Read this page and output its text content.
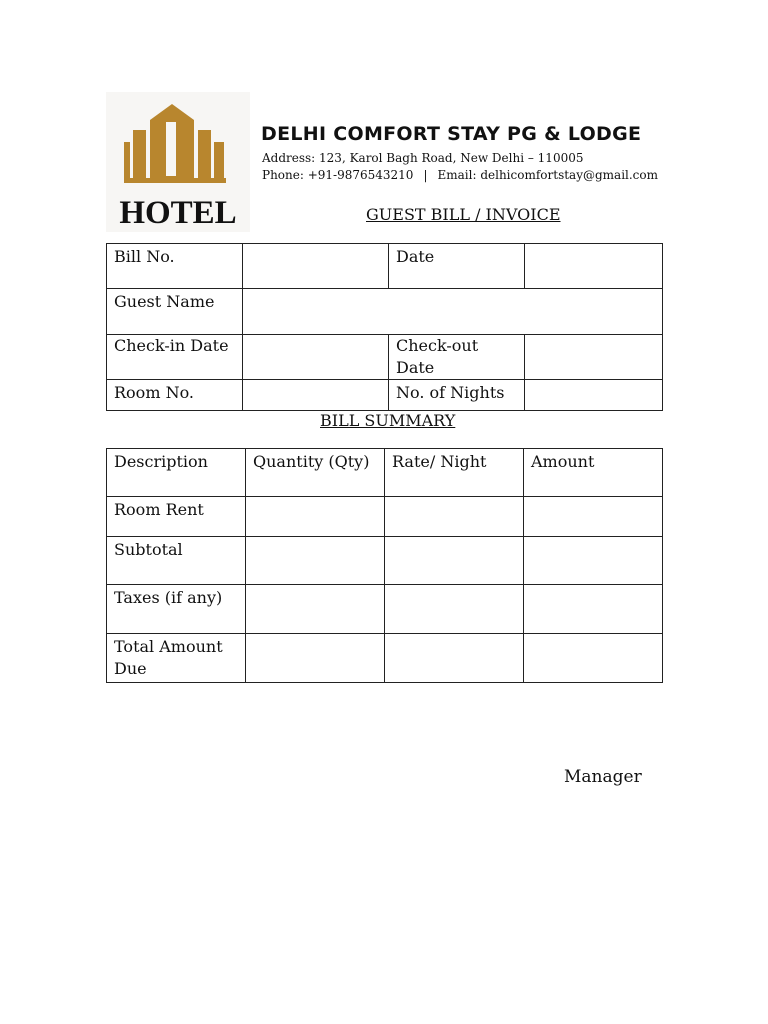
HOTEL
DELHI COMFORT STAY PG & LODGE
Address: 123, Karol Bagh Road, New Delhi – 110005
Phone: +91-9876543210 | Email: delhicomfortstay@gmail.com
GUEST BILL / INVOICE
Bill No.		Date	
Guest Name			
Check-in Date		Check-out Date	
Room No.		No. of Nights	
BILL SUMMARY
Description	Quantity (Qty)	Rate/ Night	Amount
Room Rent			
Subtotal			
Taxes (if any)			
Total Amount Due			
Manager
